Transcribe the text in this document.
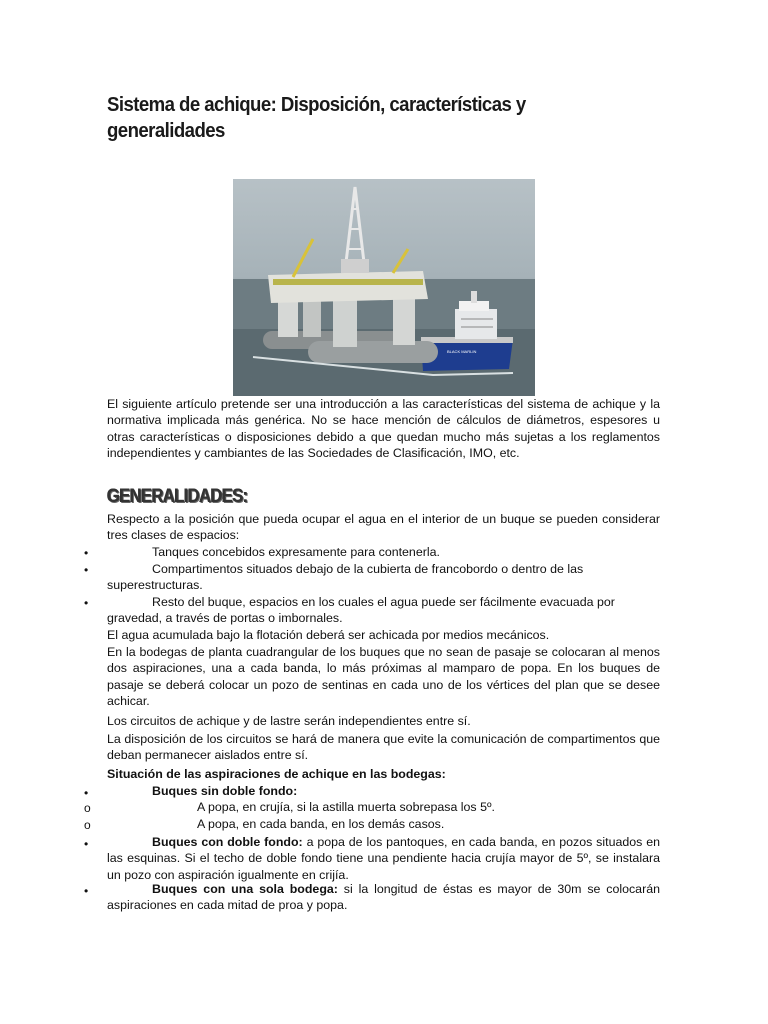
Sistema de achique: Disposición, características y generalidades
BLACK MARLIN

El siguiente artículo pretende ser una introducción a las características del sistema de achique y la normativa implicada más genérica. No se hace mención de cálculos de diámetros, espesores u otras características o disposiciones debido a que quedan mucho más sujetas a los reglamentos independientes y cambiantes de las Sociedades de Clasificación, IMO, etc.

GENERALIDADES:

Respecto a la posición que pueda ocupar el agua en el interior de un buque se pueden considerar tres clases de espacios:

•	Tanques concebidos expresamente para contenerla.

•	Compartimentos situados debajo de la cubierta de francobordo o dentro de las superestructuras.

•	Resto del buque, espacios en los cuales el agua puede ser fácilmente evacuada por gravedad, a través de portas o imbornales.

El agua acumulada bajo la flotación deberá ser achicada por medios mecánicos.

En la bodegas de planta cuadrangular de los buques que no sean de pasaje se colocaran al menos dos aspiraciones, una a cada banda, lo más próximas al mamparo de popa. En los buques de pasaje se deberá colocar un pozo de sentinas en cada uno de los vértices del plan que se desee achicar.

Los circuitos de achique y de lastre serán independientes entre sí.

La disposición de los circuitos se hará de manera que evite la comunicación de compartimentos que deban permanecer aislados entre sí.

Situación de las aspiraciones de achique en las bodegas:

•	Buques sin doble fondo:

o	A popa, en crujía, si la astilla muerta sobrepasa los 5º.

o	A popa, en cada banda, en los demás casos.

•	Buques con doble fondo: a popa de los pantoques, en cada banda, en pozos situados en las esquinas. Si el techo de doble fondo tiene una pendiente hacia crujía mayor de 5º, se instalara un pozo con aspiración igualmente en crijía.

•	Buques con una sola bodega: si la longitud de éstas es mayor de 30m se colocarán aspiraciones en cada mitad de proa y popa.
